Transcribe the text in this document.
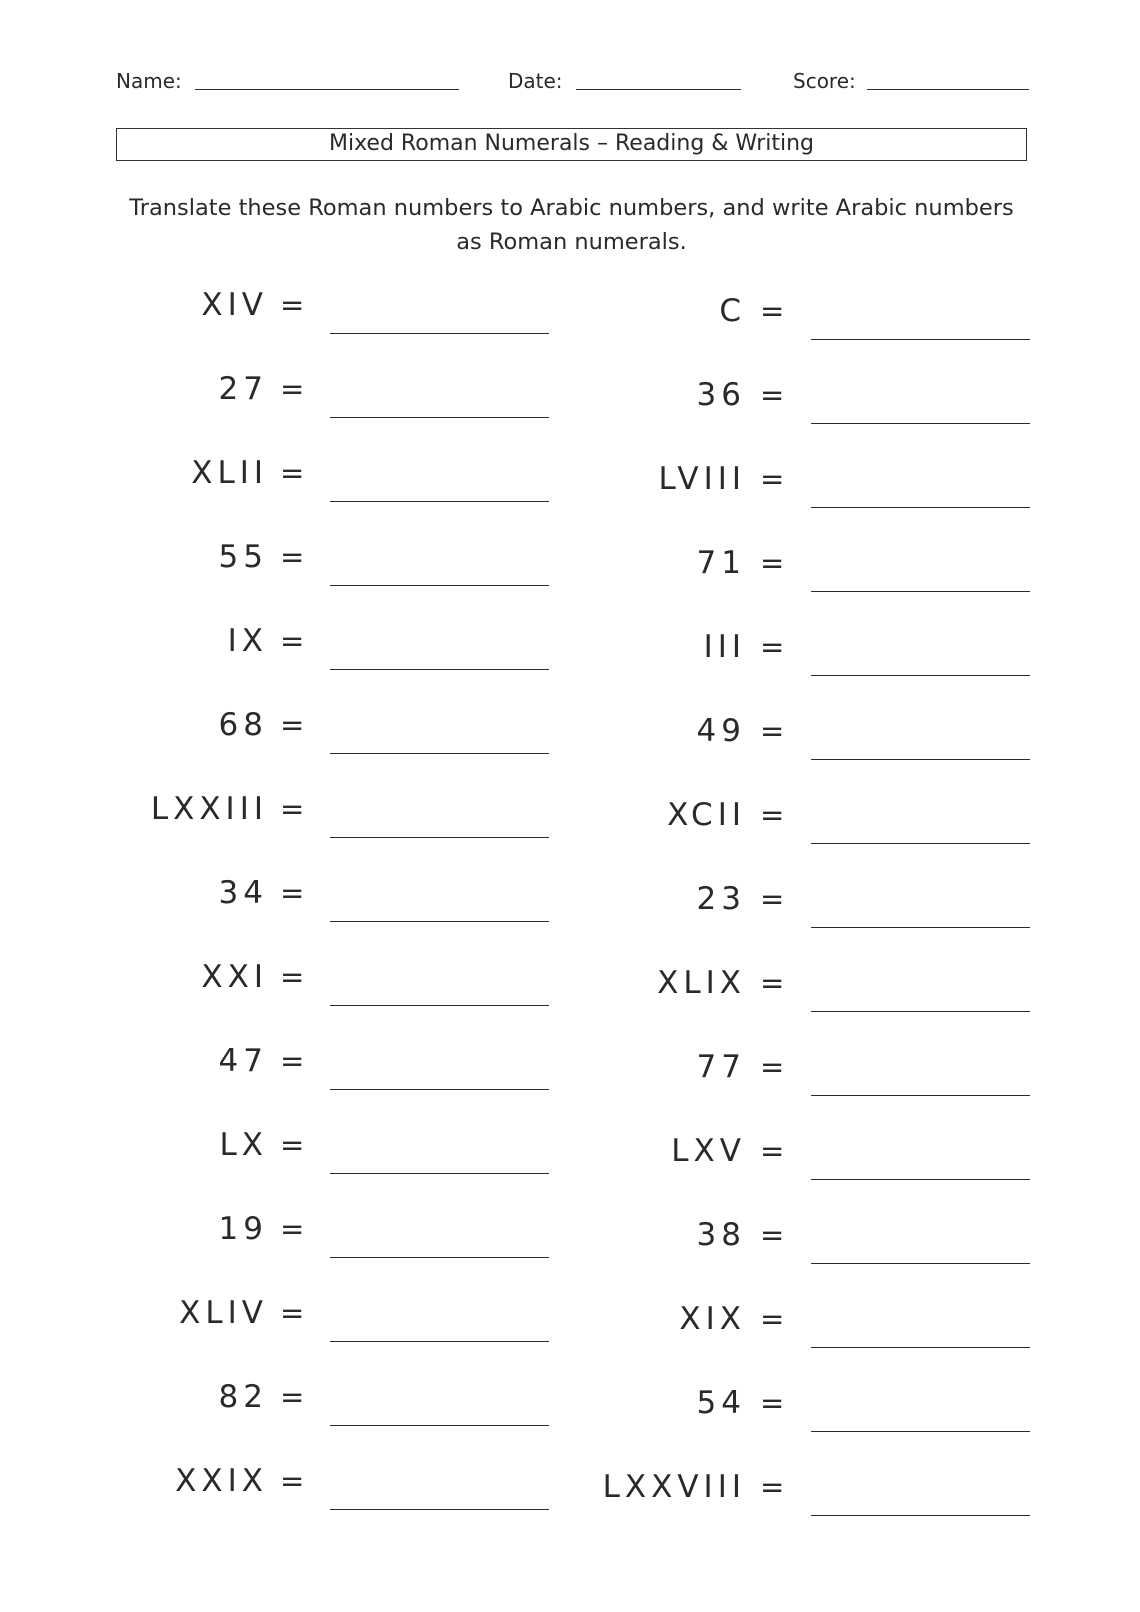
Name:	Date:	Score:
Mixed Roman Numerals – Reading & Writing
Translate these Roman numbers to Arabic numbers, and write Arabic numbers as Roman numerals.
XIV =
27 =
XLII =
55 =
IX =
68 =
LXXIII =
34 =
XXI =
47 =
LX =
19 =
XLIV =
82 =
XXIX =
C =
36 =
LVIII =
71 =
III =
49 =
XCII =
23 =
XLIX =
77 =
LXV =
38 =
XIX =
54 =
LXXVIII =
